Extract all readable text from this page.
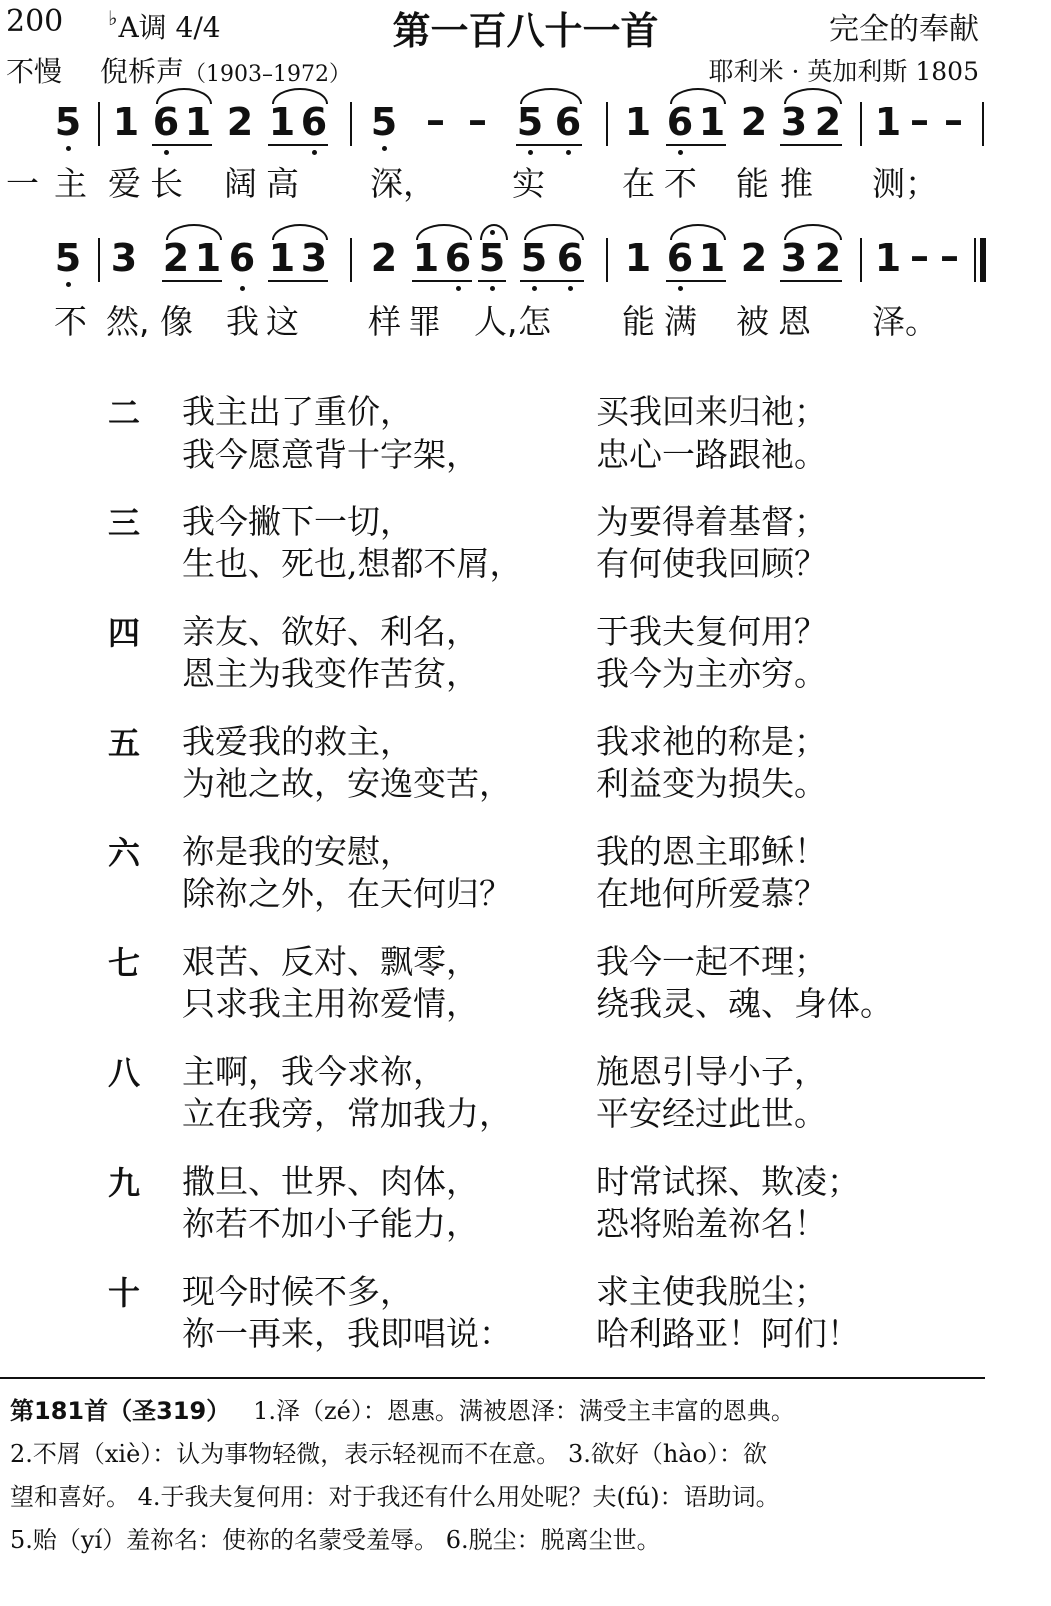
200 ♭A调 4/4	第一百八十一首	完全的奉献
不慢 倪柝声（1903–1972）	耶利米 · 英加利斯 1805
5 1 6 1 2 1 6 5 – – 5 6 1 6 1 2 3 2 1 – –
一 主 爱 长 阔 高 深， 实 在 不 能 推 测；
5 3 2 1 6 1 3 2 1 6 5 5 6 1 6 1 2 3 2 1 – –
不 然, 像 我 这 样 罪 人, 怎 能 满 被 恩 泽。
二 我主出了重价，	买我回来归祂；
我今愿意背十字架，	忠心一路跟祂。
三 我今撇下一切，	为要得着基督；
生也、死也,想都不屑， 有何使我回顾？
四 亲友、欲好、利名，	于我夫复何用？
恩主为我变作苦贫，	我今为主亦穷。
五 我爱我的救主，	我求祂的称是；
为祂之故，安逸变苦，	利益变为损失。
六 祢是我的安慰，	我的恩主耶稣！
除祢之外，在天何归？	在地何所爱慕？
七 艰苦、反对、飘零，	我今一起不理；
只求我主用祢爱情，	绕我灵、魂、身体。
八 主啊，我今求祢，	施恩引导小子，
立在我旁，常加我力，	平安经过此世。
九 撒旦、世界、肉体，	时常试探、欺凌；
祢若不加小子能力，	恐将贻羞祢名！
十 现今时候不多，	求主使我脱尘；
祢一再来，我即唱说：	哈利路亚！阿们！
第181首（圣319） 1.泽（zé）：恩惠。满被恩泽：满受主丰富的恩典。
2.不屑（xiè）：认为事物轻微，表示轻视而不在意。 3.欲好（hào）：欲
望和喜好。 4.于我夫复何用：对于我还有什么用处呢？夫(fú)：语助词。
5.贻（yí）羞祢名：使祢的名蒙受羞辱。 6.脱尘：脱离尘世。
